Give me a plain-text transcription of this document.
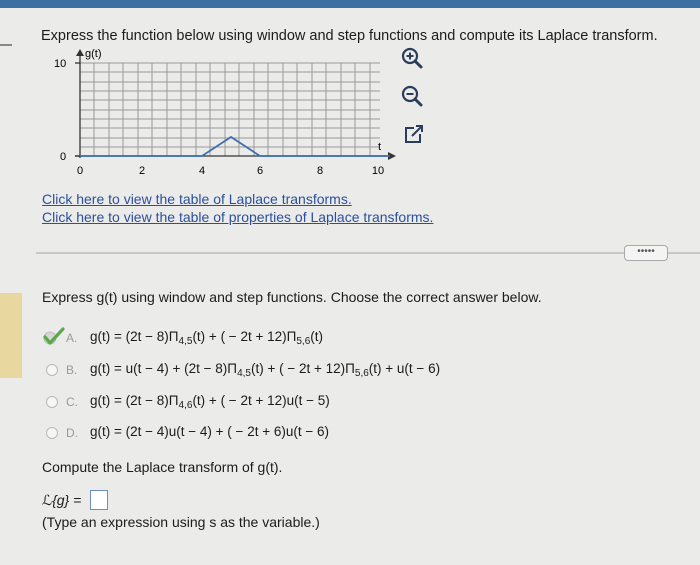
Express the function below using window and step functions and compute its Laplace transform.
g(t)
10
0
t
0	2	4	6	8	10
Click here to view the table of Laplace transforms.
Click here to view the table of properties of Laplace transforms.
•••••
Express g(t) using window and step functions. Choose the correct answer below.
A. $g(t) = (2t - 8)\Pi_{4,5}(t)$ + ( − $2t + 12)\Pi_{5,6}(t)$
B. $g(t) = u(t - 4) + (2t - 8)\Pi_{4,5}(t)$ + ( − $2t + 12)\Pi_{5,6}(t) + u(t - 6)$
C. $g(t) = (2t - 8)\Pi_{4,6}(t)$ + ( − 2t + 12)u(t − 5)
D. g(t) = (2t − 4)u(t − 4) + ( − 2t + 6)u(t − 6)
Compute the Laplace transform of g(t).
ℒ{g} =
(Type an expression using s as the variable.)
